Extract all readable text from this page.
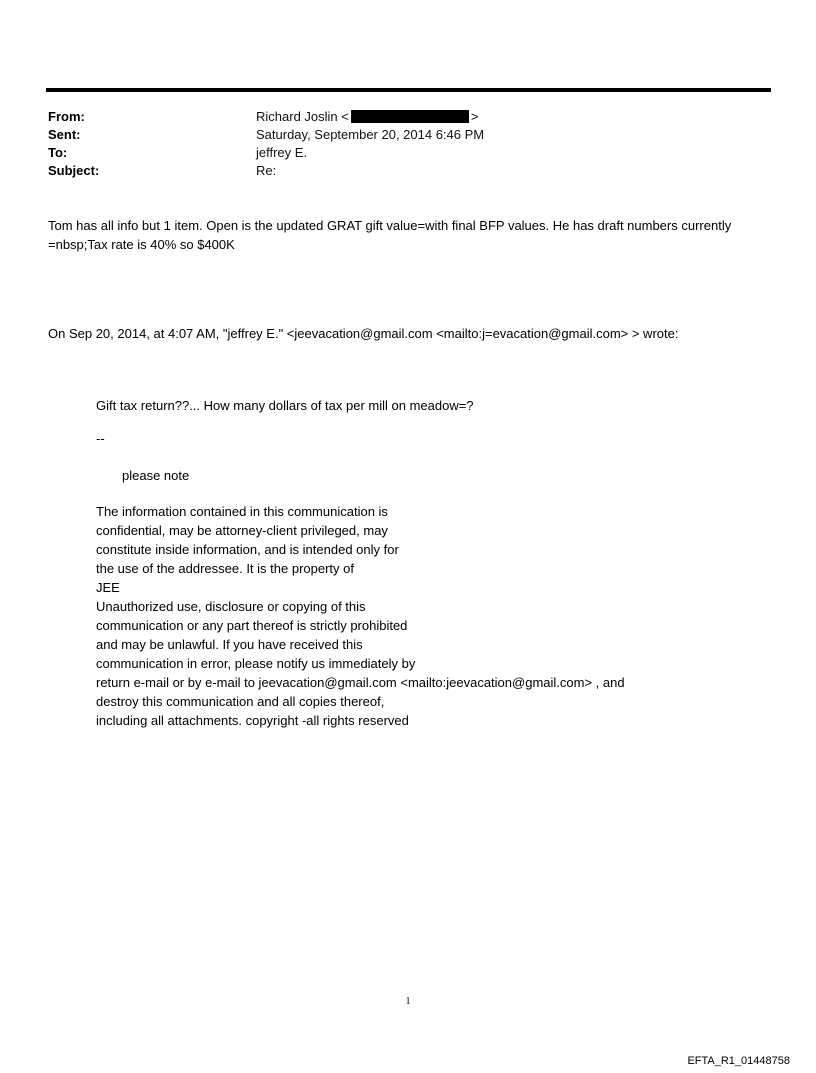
From:	Richard Joslin <	>
Sent:	Saturday, September 20, 2014 6:46 PM
To:	jeffrey E.
Subject:	Re:
Tom has all info but 1 item. Open is the updated GRAT gift value=with final BFP values. He has draft numbers currently
=nbsp;Tax rate is 40% so $400K
On Sep 20, 2014, at 4:07 AM, "jeffrey E." <jeevacation@gmail.com <mailto:j=evacation@gmail.com> > wrote:
Gift tax return??... How many dollars of tax per mill on meadow=?
--
please note
The information contained in this communication is
confidential, may be attorney-client privileged, may
constitute inside information, and is intended only for
the use of the addressee. It is the property of
JEE
Unauthorized use, disclosure or copying of this
communication or any part thereof is strictly prohibited
and may be unlawful. If you have received this
communication in error, please notify us immediately by
return e-mail or by e-mail to jeevacation@gmail.com <mailto:jeevacation@gmail.com> , and
destroy this communication and all copies thereof,
including all attachments. copyright -all rights reserved
1
EFTA_R1_01448758
